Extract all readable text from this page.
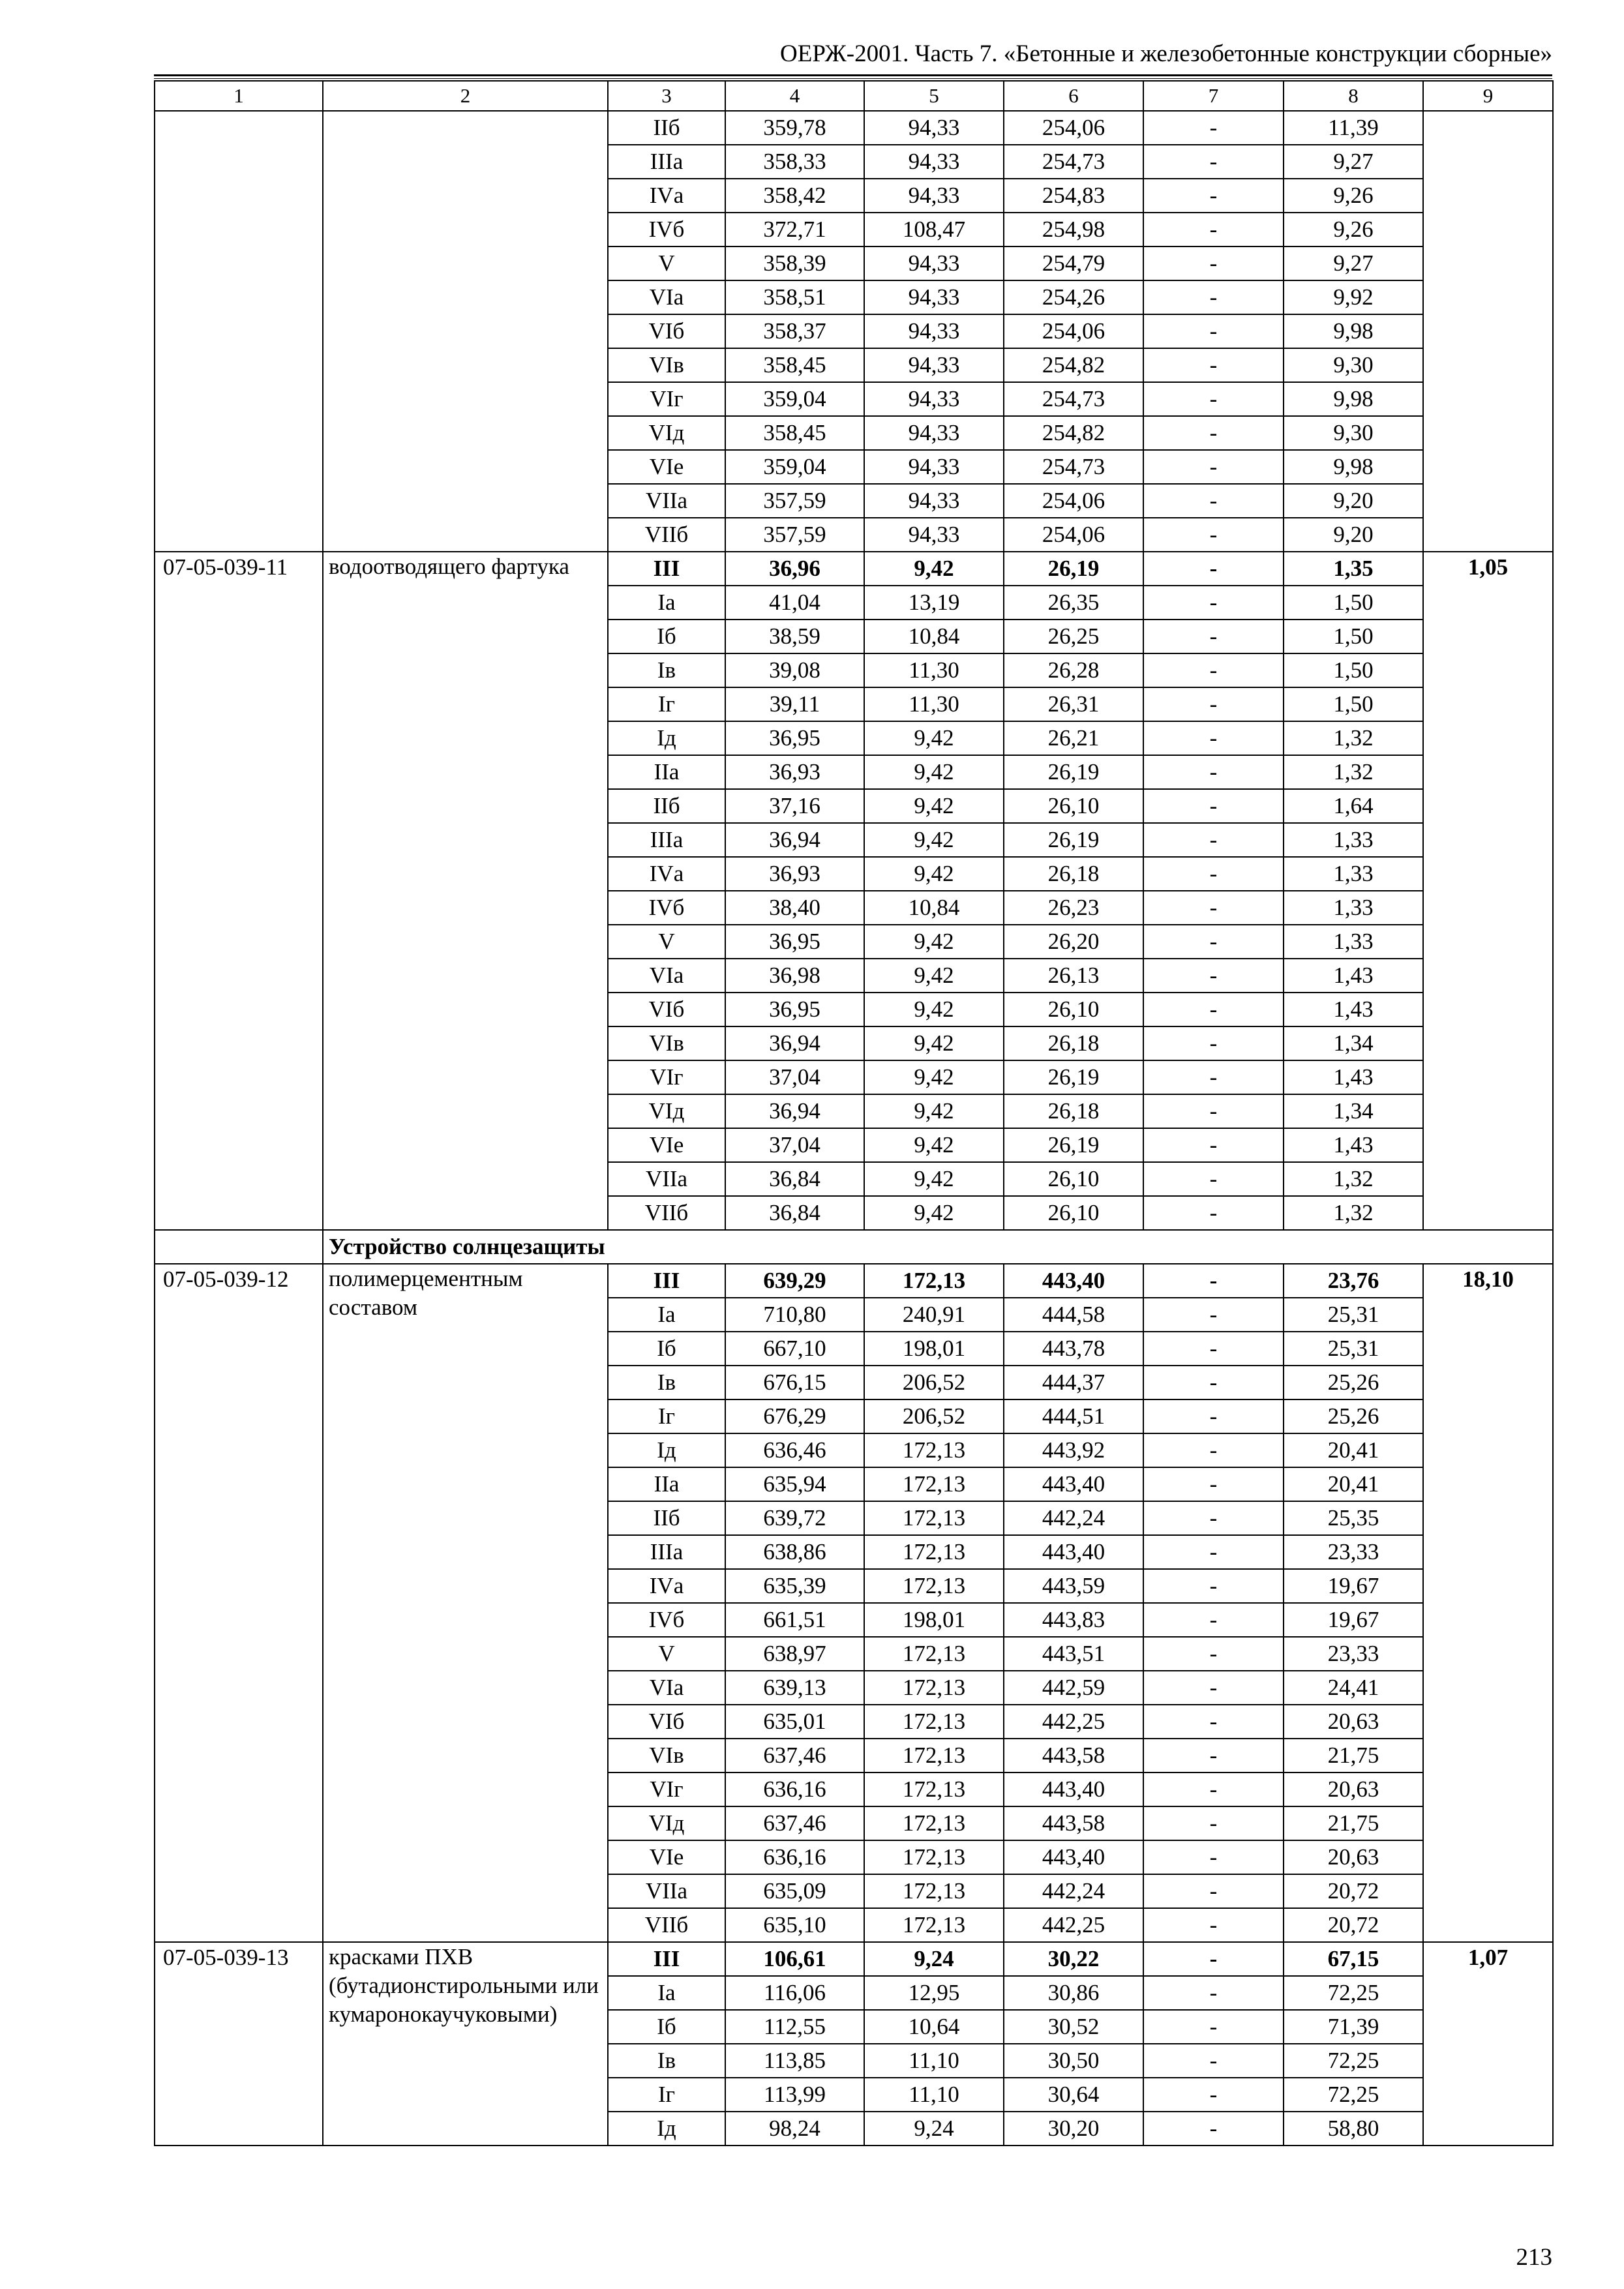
ОЕРЖ-2001. Часть 7. «Бетонные и железобетонные конструкции сборные»
1	2	3	4	5	6	7	8	9
		IIб	359,78	94,33	254,06	-	11,39	
		IIIа	358,33	94,33	254,73	-	9,27	
		IVа	358,42	94,33	254,83	-	9,26	
		IVб	372,71	108,47	254,98	-	9,26	
		V	358,39	94,33	254,79	-	9,27	
		VIа	358,51	94,33	254,26	-	9,92	
		VIб	358,37	94,33	254,06	-	9,98	
		VIв	358,45	94,33	254,82	-	9,30	
		VIг	359,04	94,33	254,73	-	9,98	
		VIд	358,45	94,33	254,82	-	9,30	
		VIе	359,04	94,33	254,73	-	9,98	
		VIIа	357,59	94,33	254,06	-	9,20	
		VIIб	357,59	94,33	254,06	-	9,20	
07-05-039-11	водоотводящего фартука	III	36,96	9,42	26,19	-	1,35	1,05
		Iа	41,04	13,19	26,35	-	1,50	
		Iб	38,59	10,84	26,25	-	1,50	
		Iв	39,08	11,30	26,28	-	1,50	
		Iг	39,11	11,30	26,31	-	1,50	
		Iд	36,95	9,42	26,21	-	1,32	
		IIа	36,93	9,42	26,19	-	1,32	
		IIб	37,16	9,42	26,10	-	1,64	
		IIIа	36,94	9,42	26,19	-	1,33	
		IVа	36,93	9,42	26,18	-	1,33	
		IVб	38,40	10,84	26,23	-	1,33	
		V	36,95	9,42	26,20	-	1,33	
		VIа	36,98	9,42	26,13	-	1,43	
		VIб	36,95	9,42	26,10	-	1,43	
		VIв	36,94	9,42	26,18	-	1,34	
		VIг	37,04	9,42	26,19	-	1,43	
		VIд	36,94	9,42	26,18	-	1,34	
		VIе	37,04	9,42	26,19	-	1,43	
		VIIа	36,84	9,42	26,10	-	1,32	
		VIIб	36,84	9,42	26,10	-	1,32	
	Устройство солнцезащиты							
07-05-039-12	полимерцементным составом	III	639,29	172,13	443,40	-	23,76	18,10
		Iа	710,80	240,91	444,58	-	25,31	
		Iб	667,10	198,01	443,78	-	25,31	
		Iв	676,15	206,52	444,37	-	25,26	
		Iг	676,29	206,52	444,51	-	25,26	
		Iд	636,46	172,13	443,92	-	20,41	
		IIа	635,94	172,13	443,40	-	20,41	
		IIб	639,72	172,13	442,24	-	25,35	
		IIIа	638,86	172,13	443,40	-	23,33	
		IVа	635,39	172,13	443,59	-	19,67	
		IVб	661,51	198,01	443,83	-	19,67	
		V	638,97	172,13	443,51	-	23,33	
		VIа	639,13	172,13	442,59	-	24,41	
		VIб	635,01	172,13	442,25	-	20,63	
		VIв	637,46	172,13	443,58	-	21,75	
		VIг	636,16	172,13	443,40	-	20,63	
		VIд	637,46	172,13	443,58	-	21,75	
		VIе	636,16	172,13	443,40	-	20,63	
		VIIа	635,09	172,13	442,24	-	20,72	
		VIIб	635,10	172,13	442,25	-	20,72	
07-05-039-13	красками ПХВ (бутадионстирольными или кумаронокаучуковыми)	III	106,61	9,24	30,22	-	67,15	1,07
		Iа	116,06	12,95	30,86	-	72,25	
		Iб	112,55	10,64	30,52	-	71,39	
		Iв	113,85	11,10	30,50	-	72,25	
		Iг	113,99	11,10	30,64	-	72,25	
		Iд	98,24	9,24	30,20	-	58,80	
213
